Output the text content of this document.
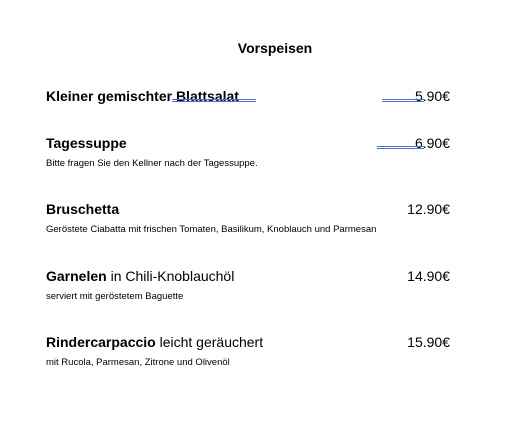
Vorspeisen
Kleiner gemischter Blattsalat	5.90€
Tagessuppe	6.90€
Bitte fragen Sie den Kellner nach der Tagessuppe.
Bruschetta	12.90€
Geröstete Ciabatta mit frischen Tomaten, Basilikum, Knoblauch und Parmesan
Garnelen in Chili-Knoblauchöl	14.90€
serviert mit geröstetem Baguette
Rindercarpaccio leicht geräuchert	15.90€
mit Rucola, Parmesan, Zitrone und Olivenöl
